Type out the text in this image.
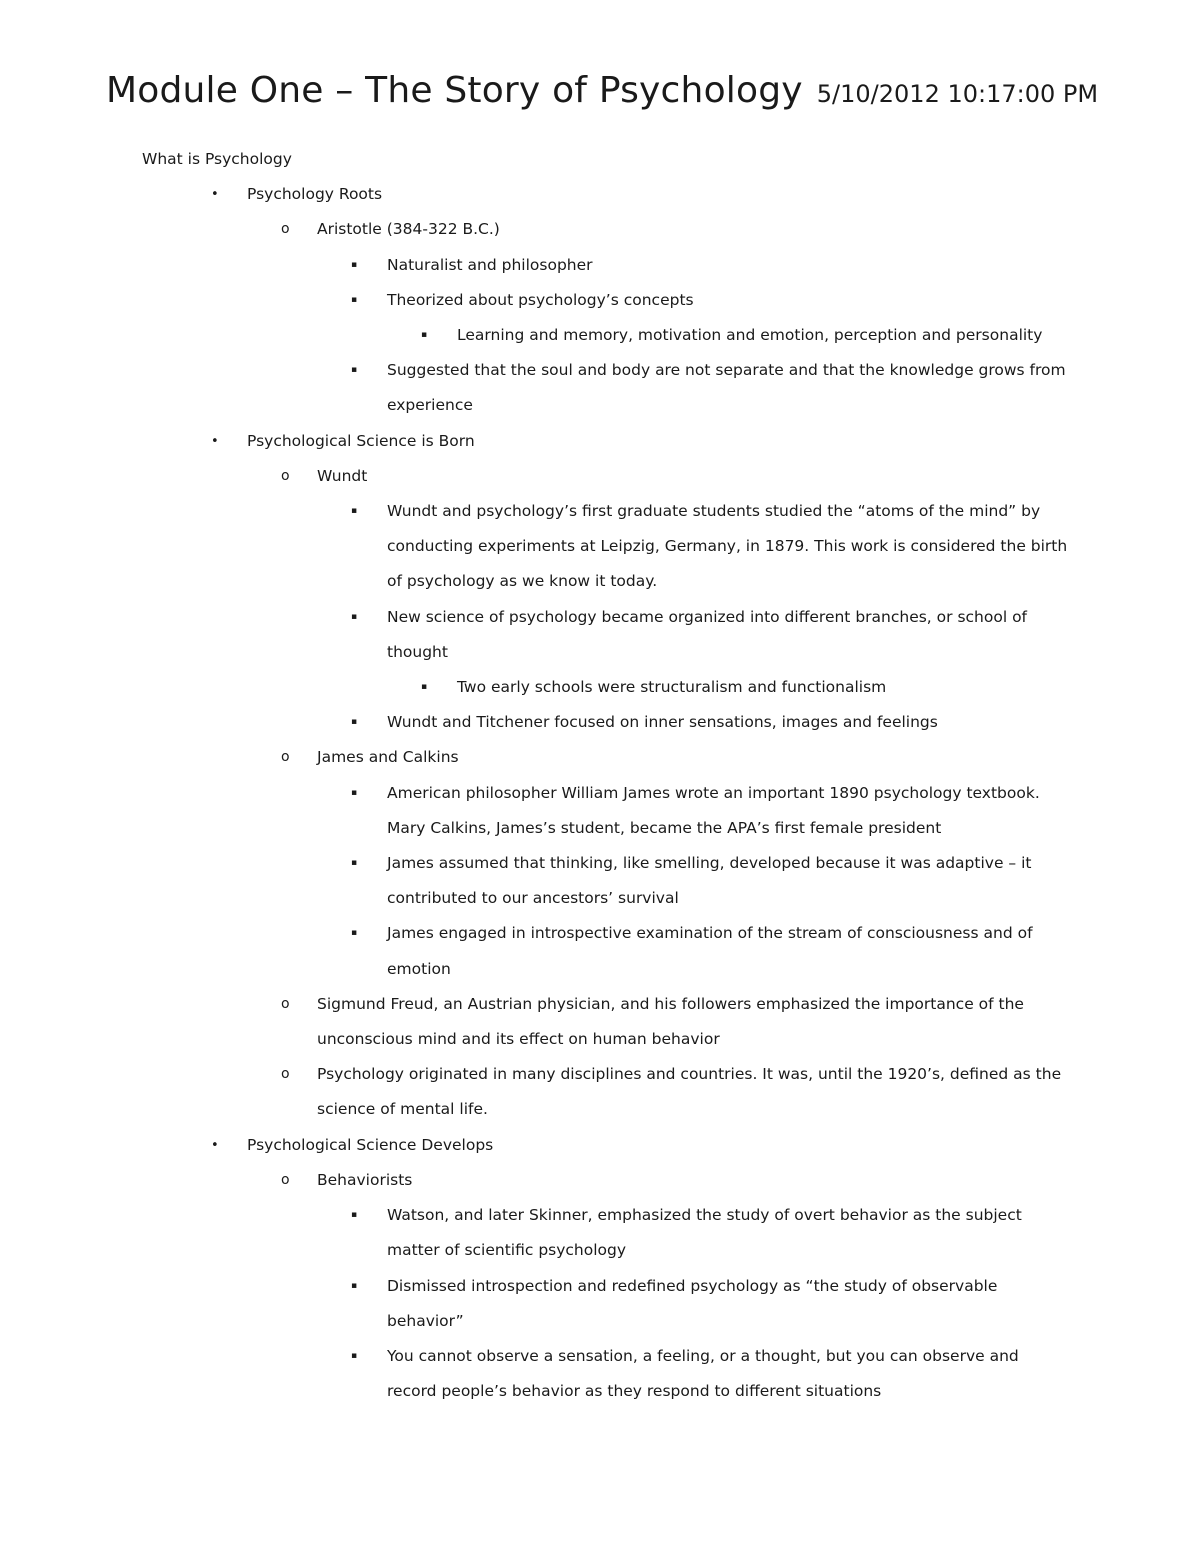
Module One – The Story of Psychology 5/10/2012 10:17:00 PM
What is Psychology
• Psychology Roots
o Aristotle (384-322 B.C.)
▪ Naturalist and philosopher
▪ Theorized about psychology’s concepts
▪ Learning and memory, motivation and emotion, perception and personality
▪ Suggested that the soul and body are not separate and that the knowledge grows from experience
• Psychological Science is Born
o Wundt
▪ Wundt and psychology’s first graduate students studied the “atoms of the mind” by conducting experiments at Leipzig, Germany, in 1879. This work is considered the birth of psychology as we know it today.
▪ New science of psychology became organized into different branches, or school of thought
▪ Two early schools were structuralism and functionalism
▪ Wundt and Titchener focused on inner sensations, images and feelings
o James and Calkins
▪ American philosopher William James wrote an important 1890 psychology textbook. Mary Calkins, James’s student, became the APA’s first female president
▪ James assumed that thinking, like smelling, developed because it was adaptive – it contributed to our ancestors’ survival
▪ James engaged in introspective examination of the stream of consciousness and of emotion
o Sigmund Freud, an Austrian physician, and his followers emphasized the importance of the unconscious mind and its effect on human behavior
o Psychology originated in many disciplines and countries. It was, until the 1920’s, defined as the science of mental life.
• Psychological Science Develops
o Behaviorists
▪ Watson, and later Skinner, emphasized the study of overt behavior as the subject matter of scientific psychology
▪ Dismissed introspection and redefined psychology as “the study of observable behavior”
▪ You cannot observe a sensation, a feeling, or a thought, but you can observe and record people’s behavior as they respond to different situations
